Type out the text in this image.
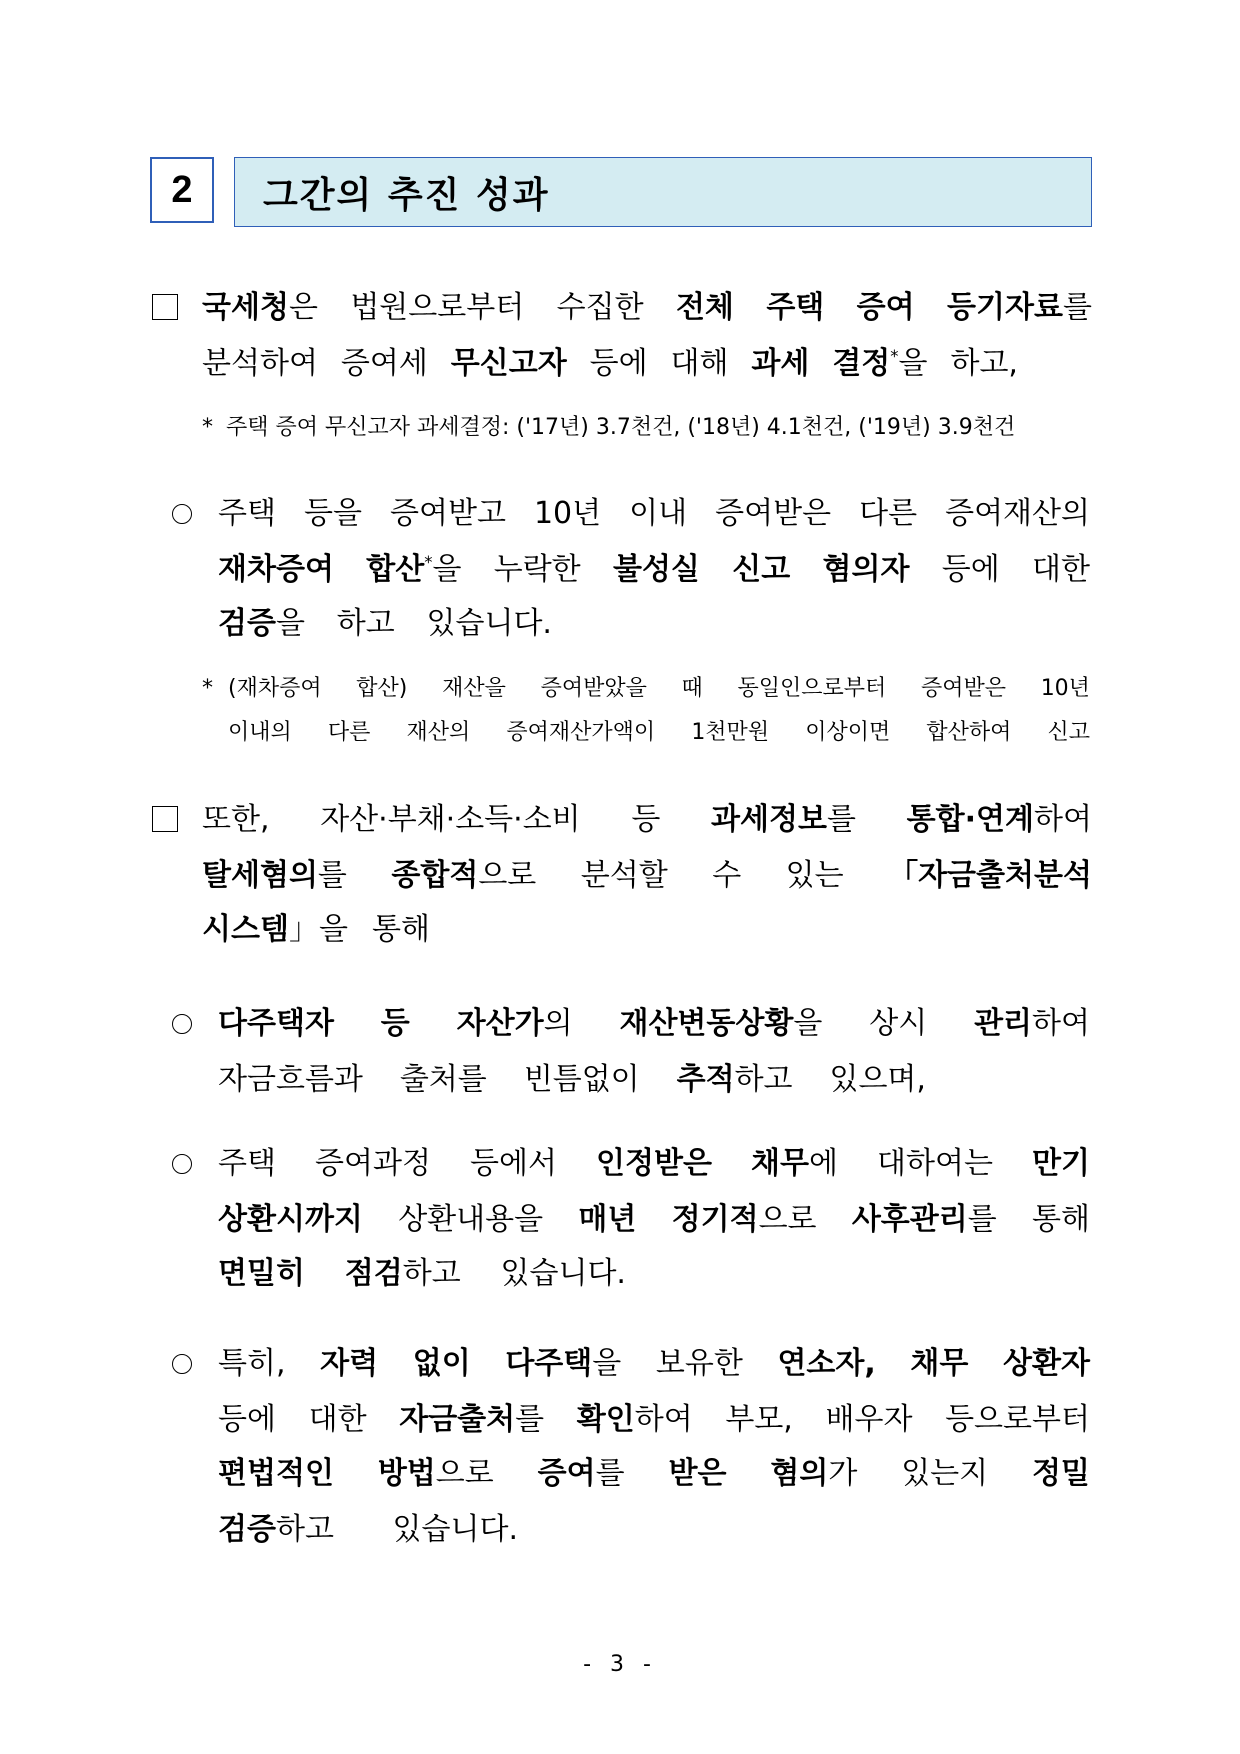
2 그간의 추진 성과
국세청은 법원으로부터 수집한 전체 주택 증여 등기자료를
분석하여 증여세 무신고자 등에 대해 과세 결정*을 하고,
* 주택 증여 무신고자 과세결정: ('17년) 3.7천건, ('18년) 4.1천건, ('19년) 3.9천건
주택 등을 증여받고 10년 이내 증여받은 다른 증여재산의
재차증여 합산*을 누락한 불성실 신고 혐의자 등에 대한
검증을 하고 있습니다.
* (재차증여 합산) 재산을 증여받았을 때 동일인으로부터 증여받은 10년
이내의 다른 재산의 증여재산가액이 1천만원 이상이면 합산하여 신고
또한, 자산·부채·소득·소비 등 과세정보를 통합·연계하여
탈세혐의를 종합적으로 분석할 수 있는 「자금출처분석
시스템」을 통해
다주택자 등 자산가의 재산변동상황을 상시 관리하여
자금흐름과 출처를 빈틈없이 추적하고 있으며,
주택 증여과정 등에서 인정받은 채무에 대하여는 만기
상환시까지 상환내용을 매년 정기적으로 사후관리를 통해
면밀히 점검하고 있습니다.
특히, 자력 없이 다주택을 보유한 연소자, 채무 상환자
등에 대한 자금출처를 확인하여 부모, 배우자 등으로부터
편법적인 방법으로 증여를 받은 혐의가 있는지 정밀
검증하고 있습니다.
- 3 -
